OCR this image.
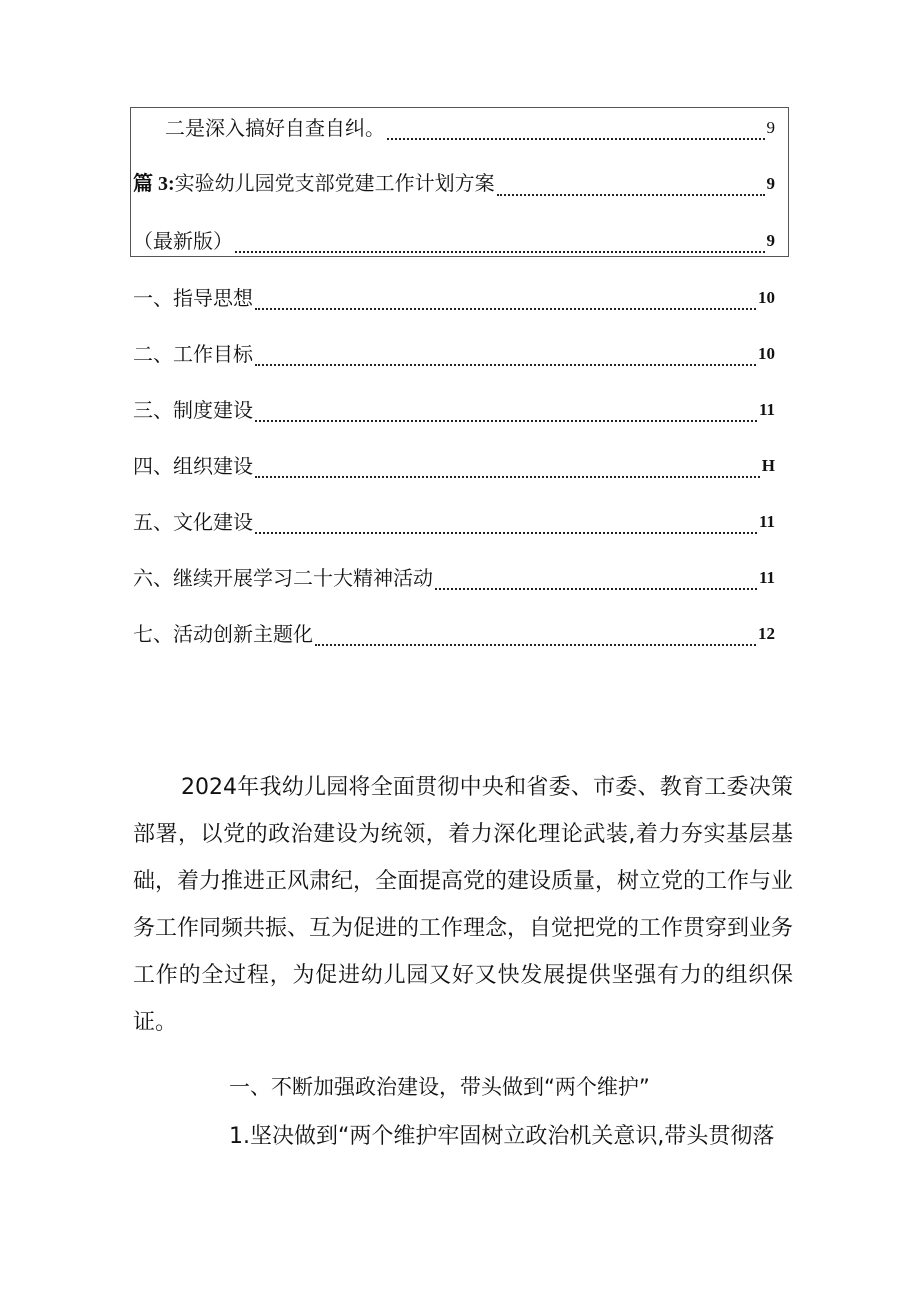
二是深入搞好自查自纠。	9
篇 3:实验幼儿园党支部党建工作计划方案	9
（最新版）	9
一、指导思想	10
二、工作目标	10
三、制度建设	11
四、组织建设	H
五、文化建设	11
六、继续开展学习二十大精神活动	11
七、活动创新主题化	12

2024年我幼儿园将全面贯彻中央和省委、市委、教育工委决策部署，以党的政治建设为统领，着力深化理论武装,着力夯实基层基础，着力推进正风肃纪，全面提高党的建设质量，树立党的工作与业务工作同频共振、互为促进的工作理念，自觉把党的工作贯穿到业务工作的全过程，为促进幼儿园又好又快发展提供坚强有力的组织保证。

一、不断加强政治建设，带头做到“两个维护”
1.坚决做到“两个维护牢固树立政治机关意识,带头贯彻落
